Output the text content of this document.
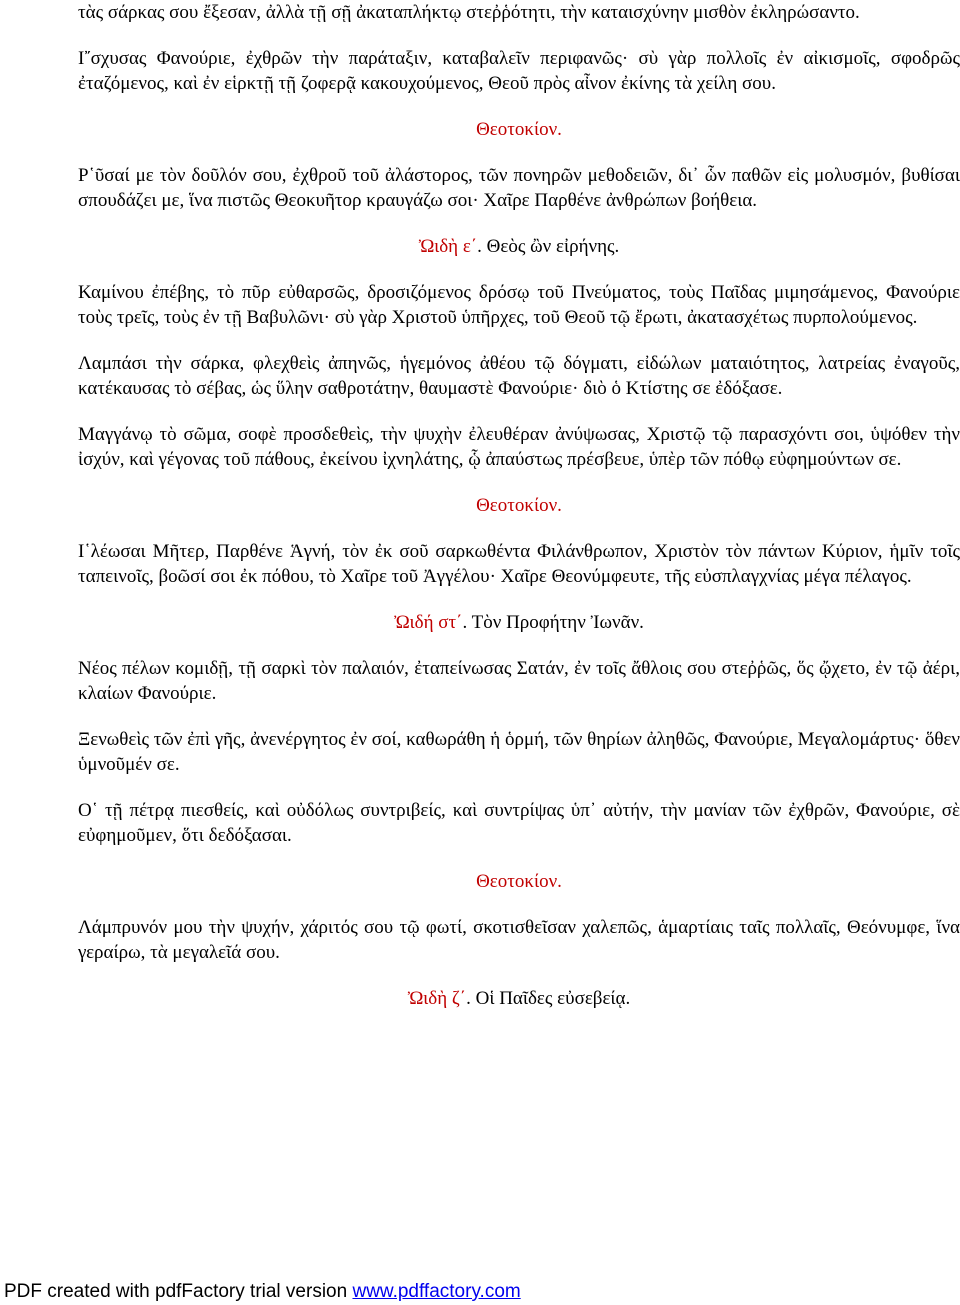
τὰς σάρκας σου ἔξεσαν, ἀλλὰ τῇ σῇ ἀκαταπλήκτῳ στεῤῥότητι, τὴν καταισχύνην μισθὸν ἐκληρώσαντο.

Ι῎σχυσας Φανούριε, ἐχθρῶν τὴν παράταξιν, καταβαλεῖν περιφανῶς· σὺ γὰρ πολλοῖς ἐν αἰκισμοῖς, σφοδρῶς ἐταζόμενος, καὶ ἐν εἱρκτῇ τῇ ζοφερᾷ κακουχούμενος, Θεοῦ πρὸς αἶνον ἐκίνης τὰ χείλη σου.

Θεοτοκίον.

Ρ῾ῦσαί με τὸν δοῦλόν σου, ἐχθροῦ τοῦ ἀλάστορος, τῶν πονηρῶν μεθοδειῶν, δι᾽ ὧν παθῶν εἰς μολυσμόν, βυθίσαι σπουδάζει με, ἵνα πιστῶς Θεοκυῆτορ κραυγάζω σοι· Χαῖρε Παρθένε ἀνθρώπων βοήθεια.

Ὠιδὴ ε΄. Θεὸς ὢν εἰρήνης.

Καμίνου ἐπέβης, τὸ πῦρ εὐθαρσῶς, δροσιζόμενος δρόσῳ τοῦ Πνεύματος, τοὺς Παῖδας μιμησάμενος, Φανούριε τοὺς τρεῖς, τοὺς ἐν τῇ Βαβυλῶνι· σὺ γὰρ Χριστοῦ ὑπῆρχες, τοῦ Θεοῦ τῷ ἔρωτι, ἀκατασχέτως πυρπολούμενος.

Λαμπάσι τὴν σάρκα, φλεχθεὶς ἀπηνῶς, ἡγεμόνος ἀθέου τῷ δόγματι, εἰδώλων ματαιότητος, λατρείας ἐναγοῦς, κατέκαυσας τὸ σέβας, ὡς ὕλην σαθροτάτην, θαυμαστὲ Φανούριε· διὸ ὁ Κτίστης σε ἐδόξασε.

Μαγγάνῳ τὸ σῶμα, σοφὲ προσδεθεὶς, τὴν ψυχὴν ἐλευθέραν ἀνύψωσας, Χριστῷ τῷ παρασχόντι σοι, ὑψόθεν τὴν ἰσχύν, καὶ γέγονας τοῦ πάθους, ἐκείνου ἰχνηλάτης, ᾧ ἀπαύστως πρέσβευε, ὑπὲρ τῶν πόθῳ εὐφημούντων σε.

Θεοτοκίον.

Ι῾λέωσαι Μῆτερ, Παρθένε Ἁγνή, τὸν ἐκ σοῦ σαρκωθέντα Φιλάνθρωπον, Χριστὸν τὸν πάντων Κύριον, ἡμῖν τοῖς ταπεινοῖς, βοῶσί σοι ἐκ πόθου, τὸ Χαῖρε τοῦ Ἀγγέλου· Χαῖρε Θεονύμφευτε, τῆς εὐσπλαγχνίας μέγα πέλαγος.

Ὠιδή στ΄. Τὸν Προφήτην Ἰωνᾶν.

Νέος πέλων κομιδῇ, τῇ σαρκὶ τὸν παλαιόν, ἐταπείνωσας Σατάν, ἐν τοῖς ἄθλοις σου στεῤῥῶς, ὅς ᾤχετο, ἐν τῷ ἀέρι, κλαίων Φανούριε.

Ξενωθεὶς τῶν ἐπὶ γῆς, ἀνενέργητος ἐν σοί, καθωράθη ἡ ὁρμή, τῶν θηρίων ἀληθῶς, Φανούριε, Μεγαλομάρτυς· ὅθεν ὑμνοῦμέν σε.

Ο῾ τῇ πέτρᾳ πιεσθείς, καὶ οὐδόλως συντριβείς, καὶ συντρίψας ὑπ᾽ αὐτήν, τὴν μανίαν τῶν ἐχθρῶν, Φανούριε, σὲ εὐφημοῦμεν, ὅτι δεδόξασαι.

Θεοτοκίον.

Λάμπρυνόν μου τὴν ψυχήν, χάριτός σου τῷ φωτί, σκοτισθεῖσαν χαλεπῶς, ἁμαρτίαις ταῖς πολλαῖς, Θεόνυμφε, ἵνα γεραίρω, τὰ μεγαλεῖά σου.

Ὠιδὴ ζ΄. Οἱ Παῖδες εὐσεβείᾳ.

PDF created with pdfFactory trial version www.pdffactory.com
